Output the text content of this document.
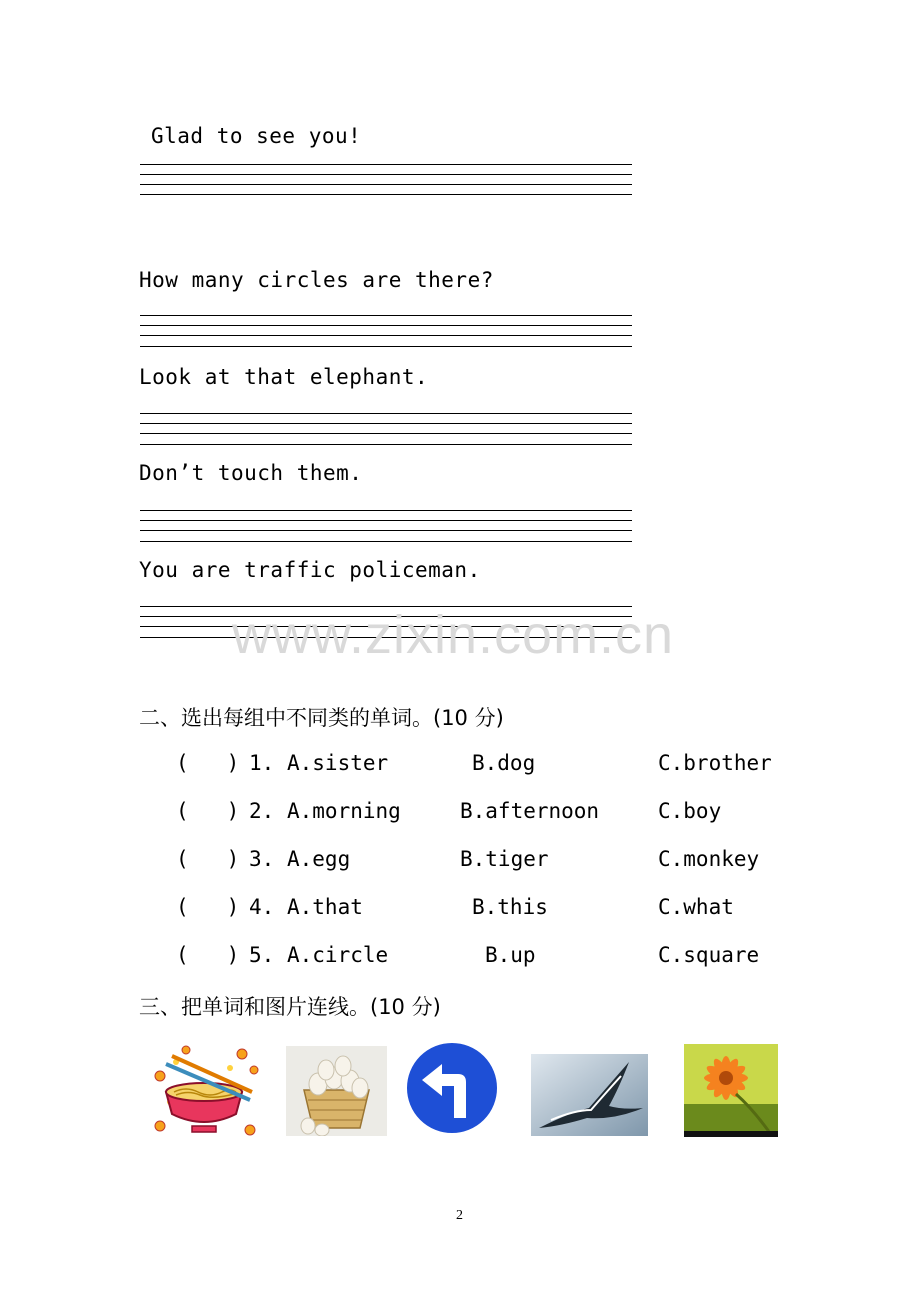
Glad to see you!
How many circles are there?
Look at that elephant.
Don’t touch them.
You are traffic policeman.
www.zixin.com.cn
二、选出每组中不同类的单词。(10 分)
(   ) 1. A.sister	B.dog	C.brother
(   ) 2. A.morning	B.afternoon	C.boy
(   ) 3. A.egg	B.tiger	C.monkey
(   ) 4. A.that	B.this	C.what
(   ) 5. A.circle	B.up	C.square
三、把单词和图片连线。(10 分)
2
